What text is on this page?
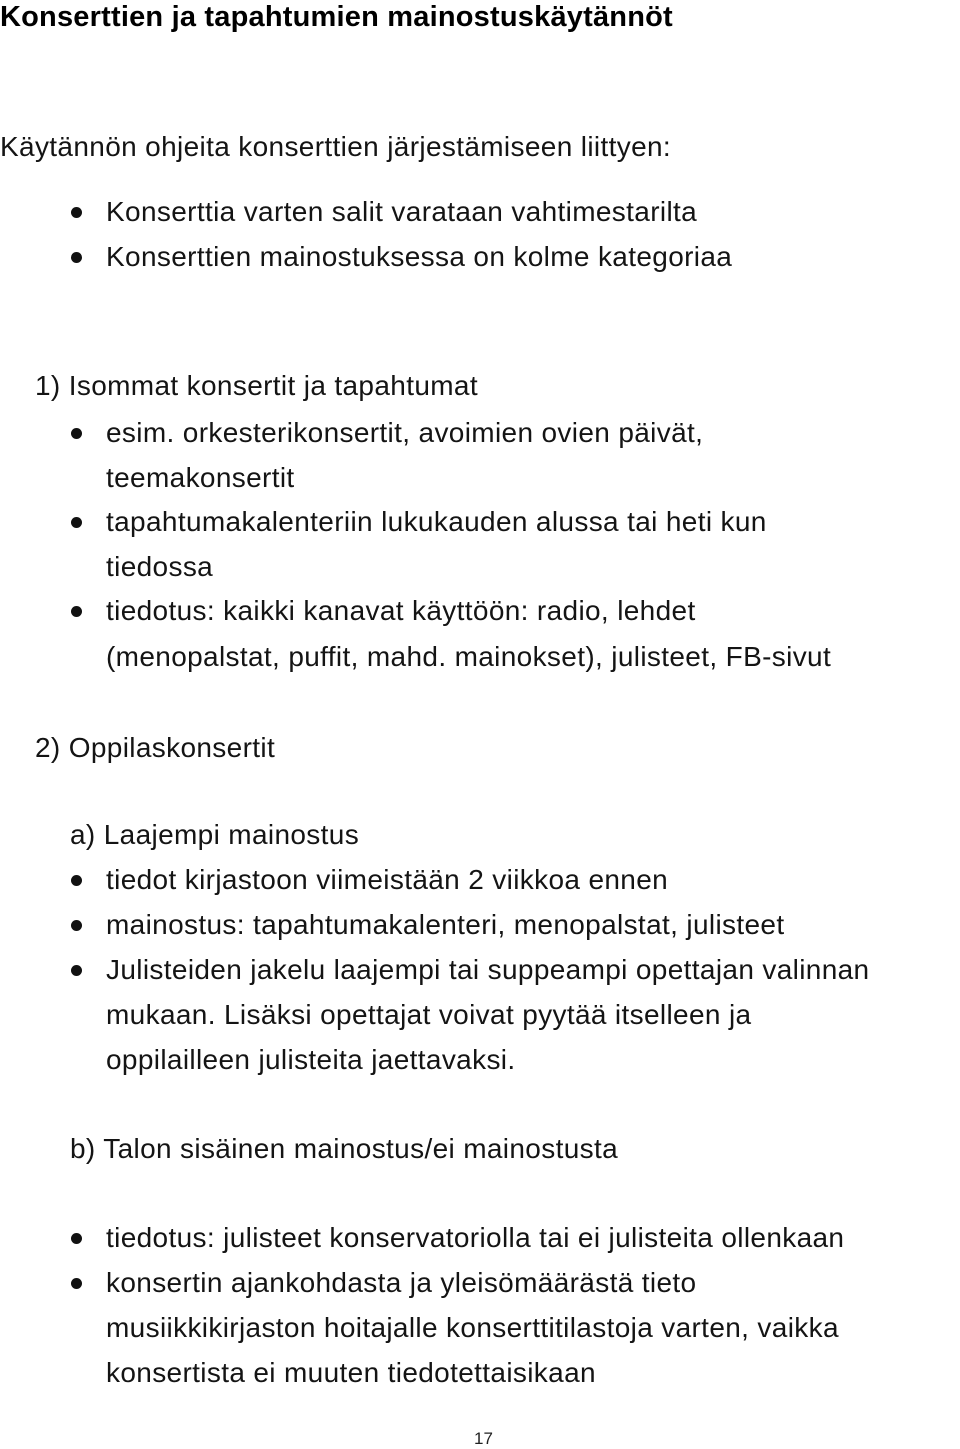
Konserttien ja tapahtumien mainostuskäytännöt
Käytännön ohjeita konserttien järjestämiseen liittyen:
Konserttia varten salit varataan vahtimestarilta
Konserttien mainostuksessa on kolme kategoriaa
1) Isommat konsertit ja tapahtumat
esim. orkesterikonsertit, avoimien ovien päivät,
teemakonsertit
tapahtumakalenteriin lukukauden alussa tai heti kun
tiedossa
tiedotus: kaikki kanavat käyttöön: radio, lehdet
(menopalstat, puffit, mahd. mainokset), julisteet, FB-sivut
2) Oppilaskonsertit
a) Laajempi mainostus
tiedot kirjastoon viimeistään 2 viikkoa ennen
mainostus: tapahtumakalenteri, menopalstat, julisteet
Julisteiden jakelu laajempi tai suppeampi opettajan valinnan
mukaan. Lisäksi opettajat voivat pyytää itselleen ja
oppilailleen julisteita jaettavaksi.
b) Talon sisäinen mainostus/ei mainostusta
tiedotus: julisteet konservatoriolla tai ei julisteita ollenkaan
konsertin ajankohdasta ja yleisömäärästä tieto
musiikkikirjaston hoitajalle konserttitilastoja varten, vaikka
konsertista ei muuten tiedotettaisikaan
17
